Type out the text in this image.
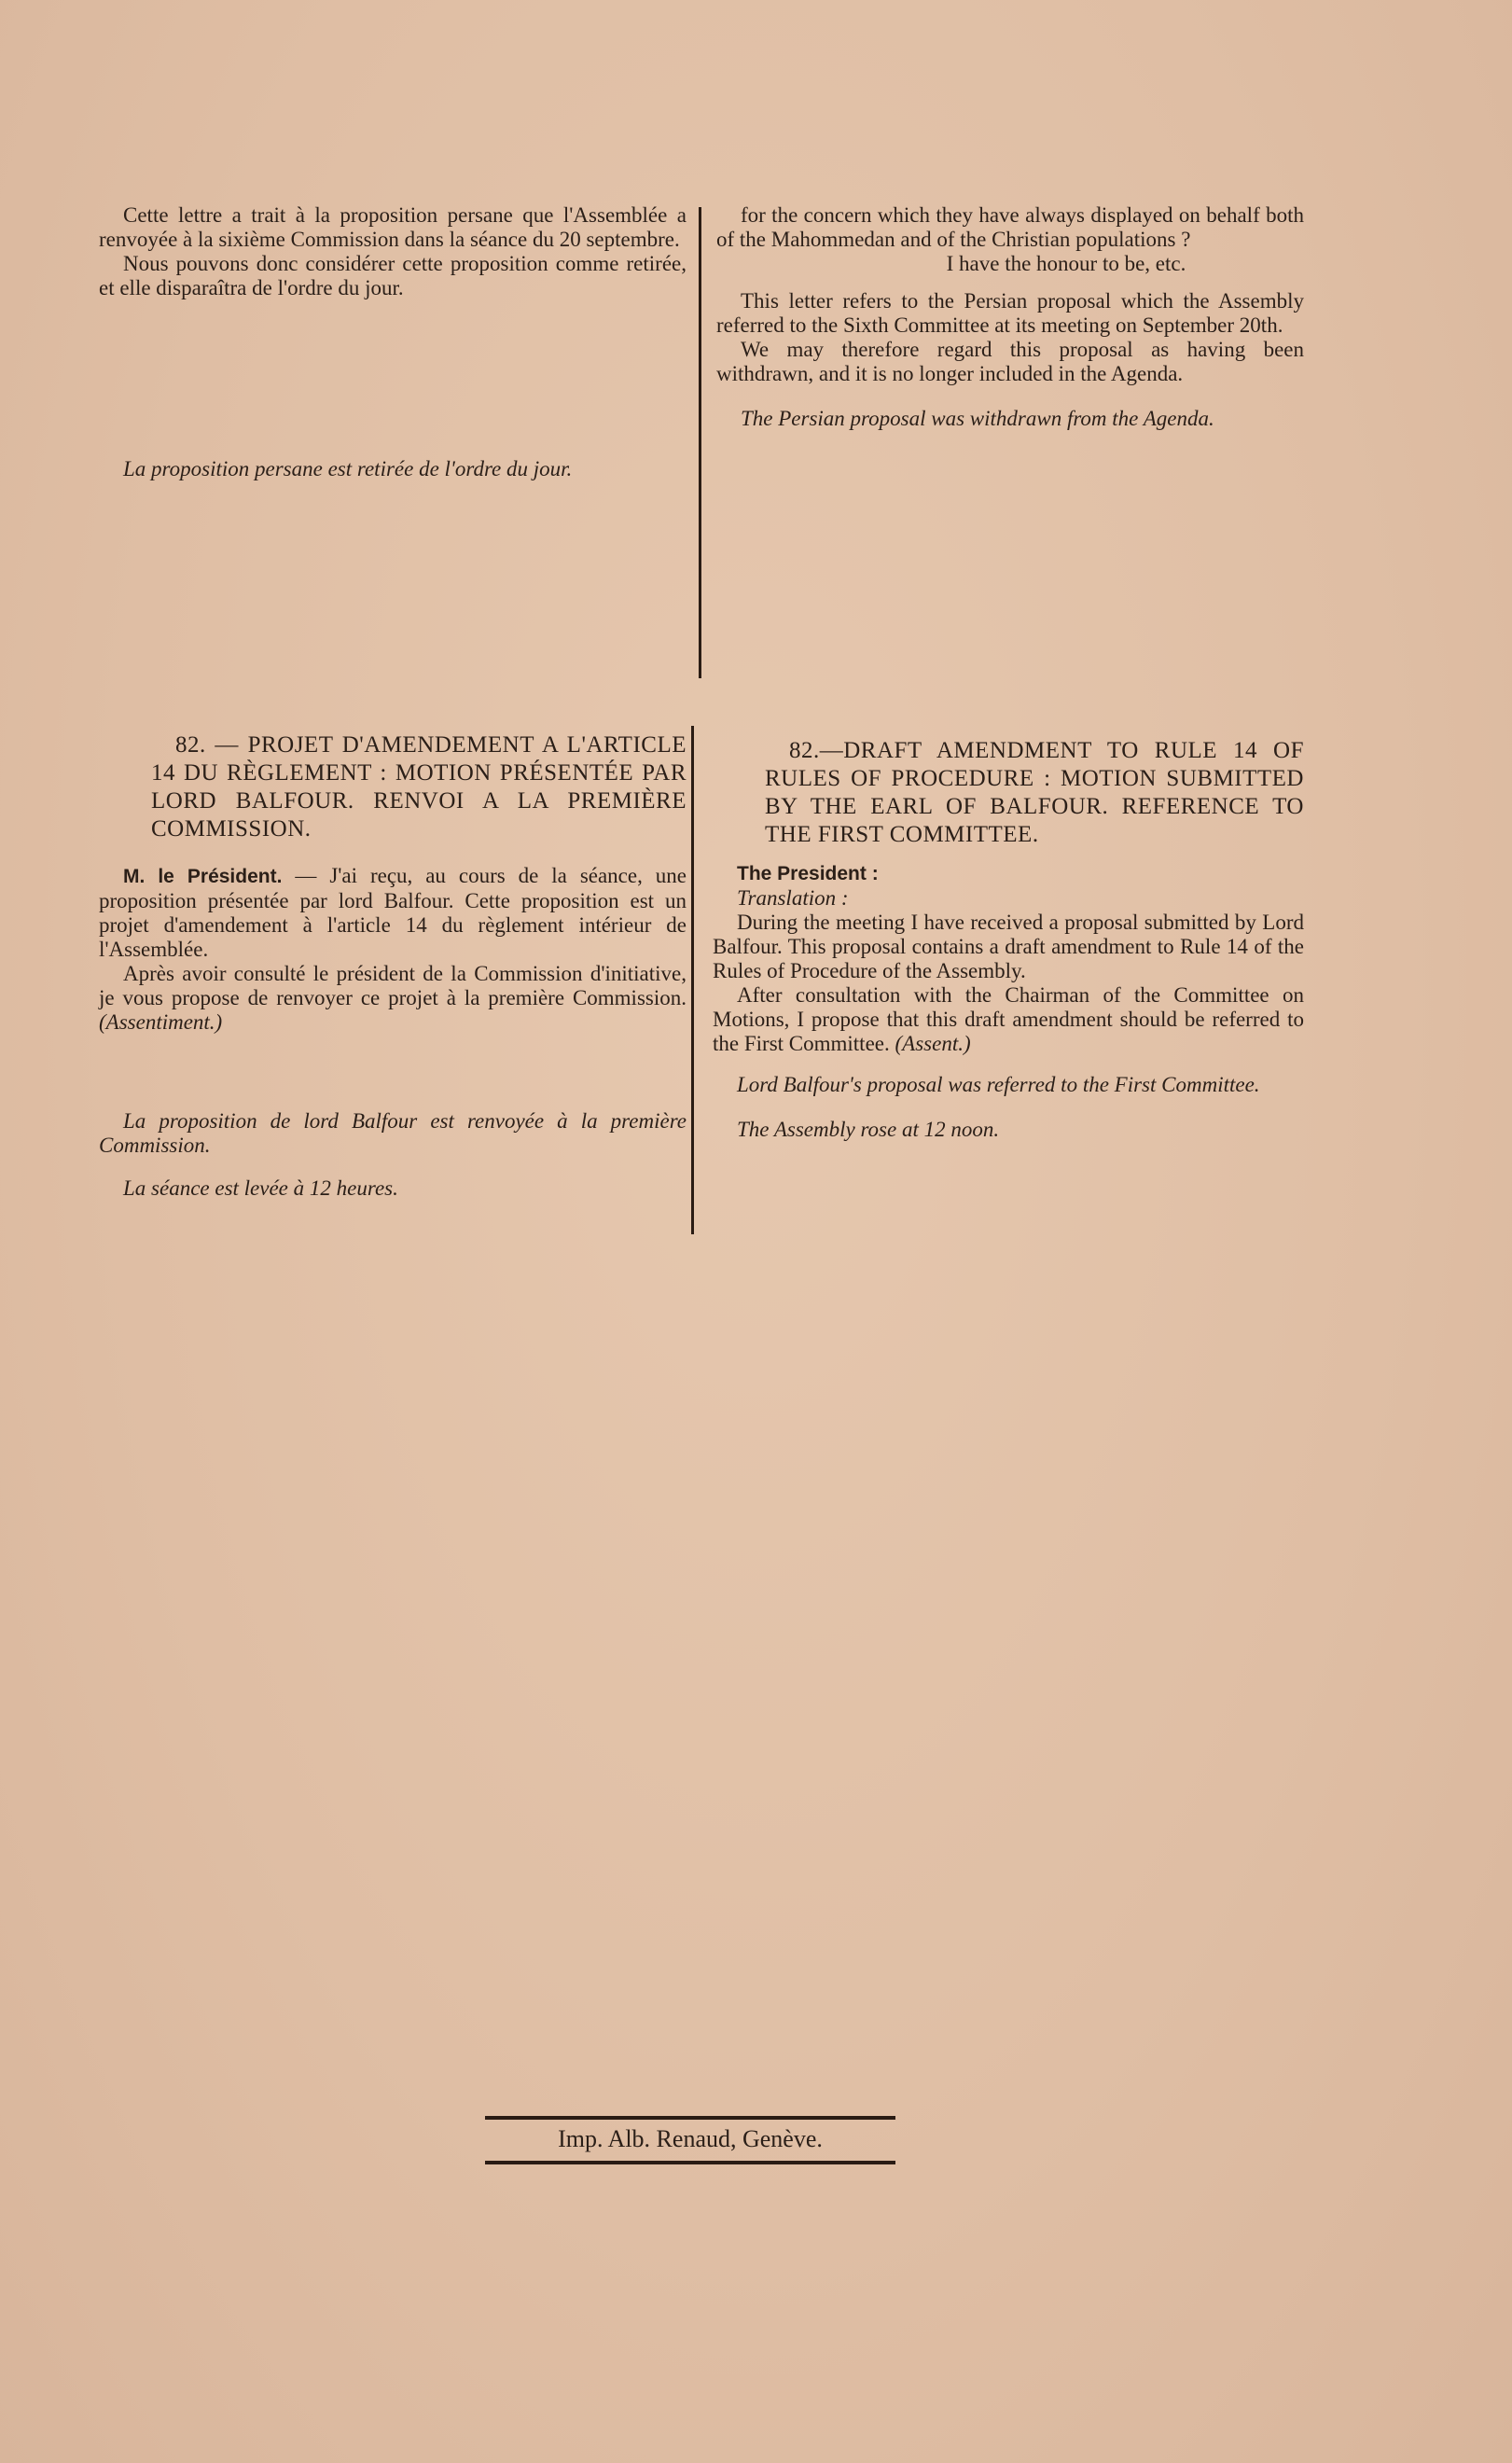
Cette lettre a trait à la proposition persane que l'Assemblée a renvoyée à la sixième Commission dans la séance du 20 septembre.

Nous pouvons donc considérer cette proposition comme retirée, et elle disparaîtra de l'ordre du jour.

La proposition persane est retirée de l'ordre du jour.

for the concern which they have always displayed on behalf both of the Mahommedan and of the Christian populations ?

I have the honour to be, etc.

This letter refers to the Persian proposal which the Assembly referred to the Sixth Committee at its meeting on September 20th.

We may therefore regard this proposal as having been withdrawn, and it is no longer included in the Agenda.

The Persian proposal was withdrawn from the Agenda.

82. — PROJET D'AMENDEMENT A L'ARTICLE 14 DU RÈGLEMENT : MOTION PRÉSENTÉE PAR LORD BALFOUR. RENVOI A LA PREMIÈRE COMMISSION.

M. le Président. — J'ai reçu, au cours de la séance, une proposition présentée par lord Balfour. Cette proposition est un projet d'amendement à l'article 14 du règlement intérieur de l'Assemblée.

Après avoir consulté le président de la Commission d'initiative, je vous propose de renvoyer ce projet à la première Commission. (Assentiment.)

La proposition de lord Balfour est renvoyée à la première Commission.

La séance est levée à 12 heures.

82.—DRAFT AMENDMENT TO RULE 14 OF RULES OF PROCEDURE : MOTION SUBMITTED BY THE EARL OF BALFOUR. REFERENCE TO THE FIRST COMMITTEE.

The President :

Translation :

During the meeting I have received a proposal submitted by Lord Balfour. This proposal contains a draft amendment to Rule 14 of the Rules of Procedure of the Assembly.

After consultation with the Chairman of the Committee on Motions, I propose that this draft amendment should be referred to the First Committee. (Assent.)

Lord Balfour's proposal was referred to the First Committee.

The Assembly rose at 12 noon.

Imp. Alb. Renaud, Genève.
